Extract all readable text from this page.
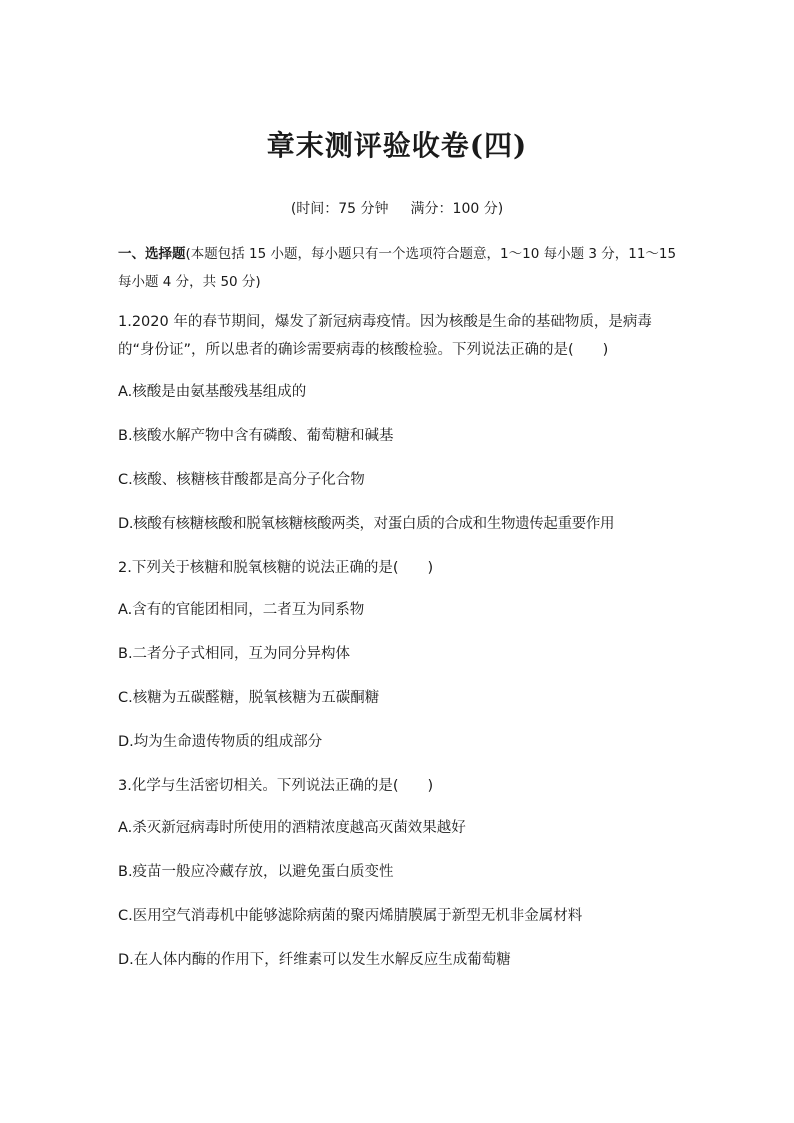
章末测评验收卷(四)
(时间：75 分钟 满分：100 分)
一、选择题(本题包括 15 小题，每小题只有一个选项符合题意，1～10 每小题 3 分，11～15 每小题 4 分，共 50 分)
1.2020 年的春节期间，爆发了新冠病毒疫情。因为核酸是生命的基础物质，是病毒的“身份证”，所以患者的确诊需要病毒的核酸检验。下列说法正确的是(　　)
A.核酸是由氨基酸残基组成的
B.核酸水解产物中含有磷酸、葡萄糖和碱基
C.核酸、核糖核苷酸都是高分子化合物
D.核酸有核糖核酸和脱氧核糖核酸两类，对蛋白质的合成和生物遗传起重要作用
2.下列关于核糖和脱氧核糖的说法正确的是(　　)
A.含有的官能团相同，二者互为同系物
B.二者分子式相同，互为同分异构体
C.核糖为五碳醛糖，脱氧核糖为五碳酮糖
D.均为生命遗传物质的组成部分
3.化学与生活密切相关。下列说法正确的是(　　)
A.杀灭新冠病毒时所使用的酒精浓度越高灭菌效果越好
B.疫苗一般应冷藏存放，以避免蛋白质变性
C.医用空气消毒机中能够滤除病菌的聚丙烯腈膜属于新型无机非金属材料
D.在人体内酶的作用下，纤维素可以发生水解反应生成葡萄糖
